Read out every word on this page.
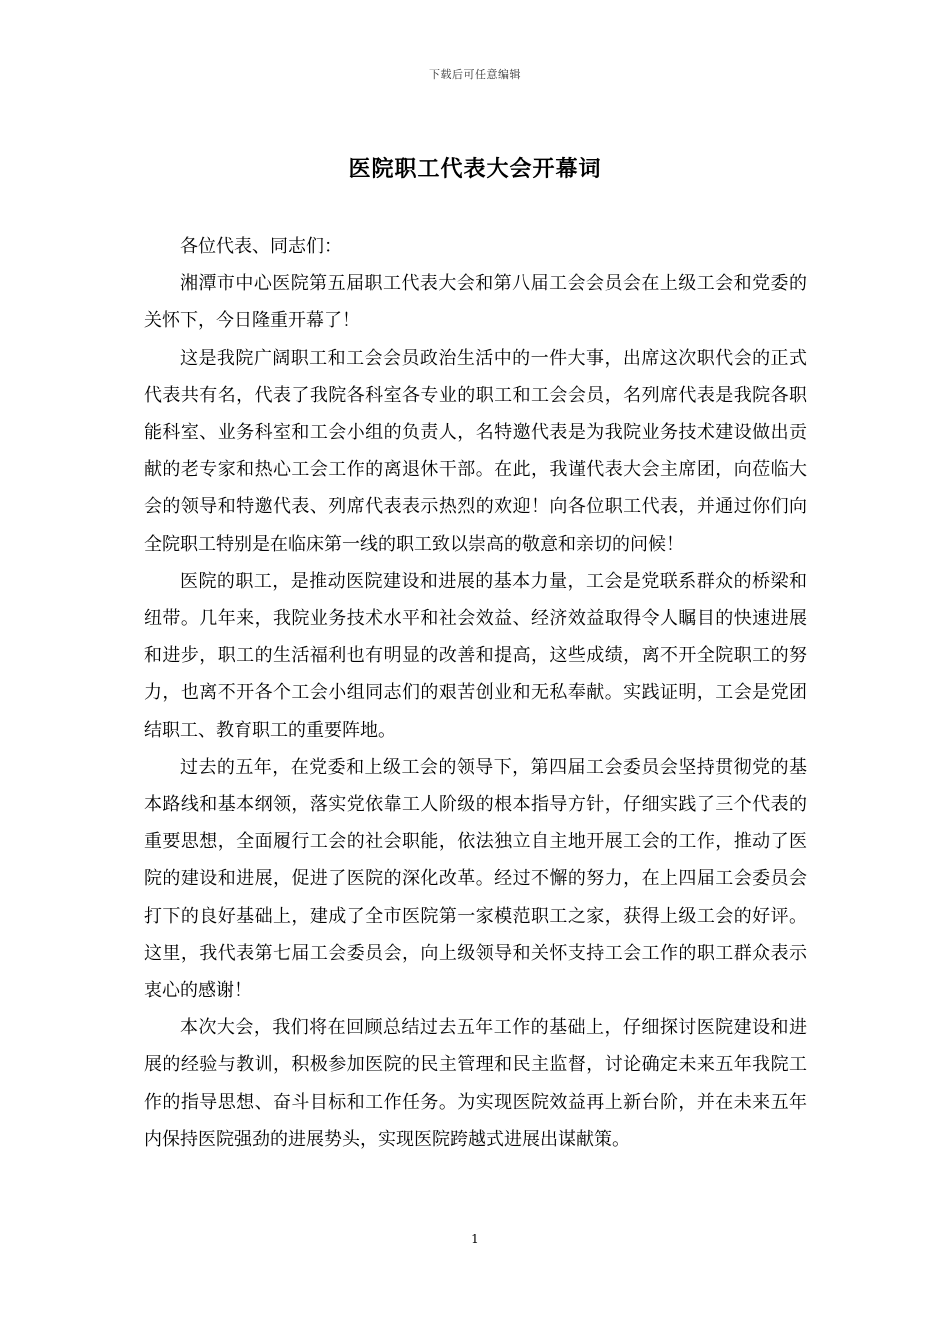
下载后可任意编辑
医院职工代表大会开幕词

各位代表、同志们：

湘潭市中心医院第五届职工代表大会和第八届工会会员会在上级工会和党委的关怀下，今日隆重开幕了！

这是我院广阔职工和工会会员政治生活中的一件大事，出席这次职代会的正式代表共有名，代表了我院各科室各专业的职工和工会会员，名列席代表是我院各职能科室、业务科室和工会小组的负责人，名特邀代表是为我院业务技术建设做出贡献的老专家和热心工会工作的离退休干部。在此，我谨代表大会主席团，向莅临大会的领导和特邀代表、列席代表表示热烈的欢迎！向各位职工代表，并通过你们向全院职工特别是在临床第一线的职工致以崇高的敬意和亲切的问候！

医院的职工，是推动医院建设和进展的基本力量，工会是党联系群众的桥梁和纽带。几年来，我院业务技术水平和社会效益、经济效益取得令人瞩目的快速进展和进步，职工的生活福利也有明显的改善和提高，这些成绩，离不开全院职工的努力，也离不开各个工会小组同志们的艰苦创业和无私奉献。实践证明，工会是党团结职工、教育职工的重要阵地。

过去的五年，在党委和上级工会的领导下，第四届工会委员会坚持贯彻党的基本路线和基本纲领，落实党依靠工人阶级的根本指导方针，仔细实践了三个代表的重要思想，全面履行工会的社会职能，依法独立自主地开展工会的工作，推动了医院的建设和进展，促进了医院的深化改革。经过不懈的努力，在上四届工会委员会打下的良好基础上，建成了全市医院第一家模范职工之家，获得上级工会的好评。这里，我代表第七届工会委员会，向上级领导和关怀支持工会工作的职工群众表示衷心的感谢！

本次大会，我们将在回顾总结过去五年工作的基础上，仔细探讨医院建设和进展的经验与教训，积极参加医院的民主管理和民主监督，讨论确定未来五年我院工作的指导思想、奋斗目标和工作任务。为实现医院效益再上新台阶，并在未来五年内保持医院强劲的进展势头，实现医院跨越式进展出谋献策。

1
